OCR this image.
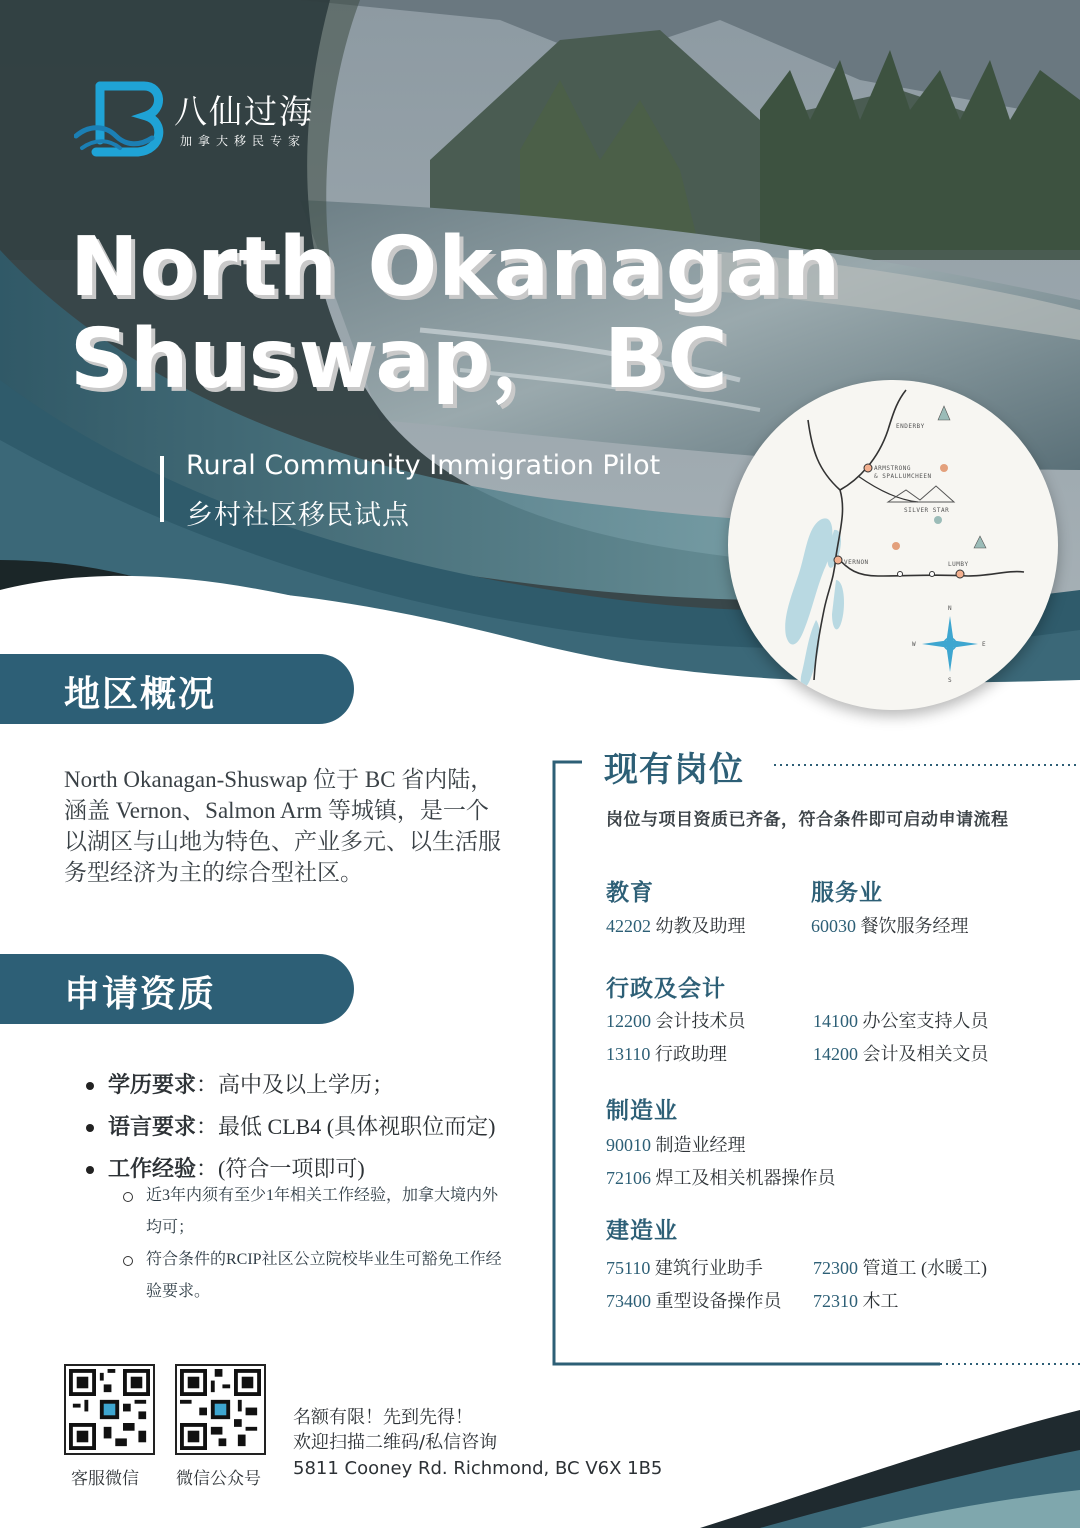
八仙过海
加拿大移民专家
North Okanagan
Shuswap， BC
Rural Community Immigration Pilot
乡村社区移民试点
ENDERBY
ARMSTRONG
& SPALLUMCHEEN
SILVER STAR
VERNON	LUMBY
N
S
E
W
地区概况
North Okanagan-Shuswap 位于 BC 省内陆，涵盖 Vernon、Salmon Arm 等城镇，是一个以湖区与山地为特色、产业多元、以生活服务型经济为主的综合型社区。
申请资质
学历要求：高中及以上学历；
语言要求：最低 CLB4 (具体视职位而定)
工作经验：(符合一项即可)
近3年内须有至少1年相关工作经验，加拿大境内外均可；
符合条件的RCIP社区公立院校毕业生可豁免工作经验要求。
现有岗位
岗位与项目资质已齐备，符合条件即可启动申请流程
教育
42202 幼教及助理
服务业
60030 餐饮服务经理
行政及会计
12200 会计技术员	14100 办公室支持人员
13110 行政助理	14200 会计及相关文员
制造业
90010 制造业经理
72106 焊工及相关机器操作员
建造业
75110 建筑行业助手	72300 管道工 (水暖工)
73400 重型设备操作员 72310 木工
客服微信 微信公众号
名额有限！先到先得！
欢迎扫描二维码/私信咨询
5811 Cooney Rd. Richmond, BC V6X 1B5
